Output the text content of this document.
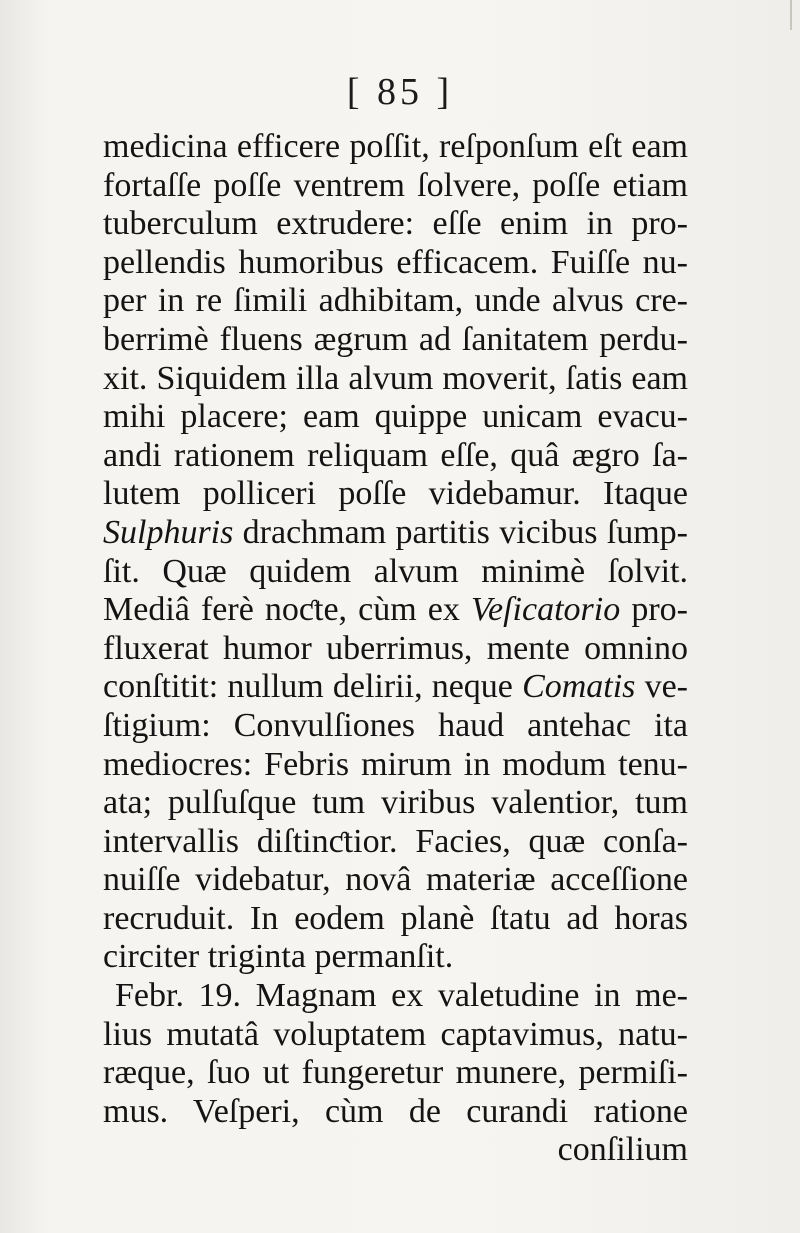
[ 85 ]
medicina efficere poſſit, reſponſum eſt eam
fortaſſe poſſe ventrem ſolvere, poſſe etiam
tuberculum extrudere: eſſe enim in pro-
pellendis humoribus efficacem. Fuiſſe nu-
per in re ſimili adhibitam, unde alvus cre-
berrimè fluens ægrum ad ſanitatem perdu-
xit. Siquidem illa alvum moverit, ſatis eam
mihi placere; eam quippe unicam evacu-
andi rationem reliquam eſſe, quâ ægro ſa-
lutem polliceri poſſe videbamur. Itaque
Sulphuris drachmam partitis vicibus ſump-
ſit. Quæ quidem alvum minimè ſolvit.
Mediâ ferè noƈte, cùm ex Veſicatorio pro-
fluxerat humor uberrimus, mente omnino
conſtitit: nullum delirii, neque Comatis ve-
ſtigium: Convulſiones haud antehac ita
mediocres: Febris mirum in modum tenu-
ata; pulſuſque tum viribus valentior, tum
intervallis diſtinƈtior. Facies, quæ conſa-
nuiſſe videbatur, novâ materiæ acceſſione
recruduit. In eodem planè ſtatu ad horas
circiter triginta permanſit.
Febr. 19. Magnam ex valetudine in me-
lius mutatâ voluptatem captavimus, natu-
ræque, ſuo ut fungeretur munere, permiſi-
mus. Veſperi, cùm de curandi ratione
conſilium
